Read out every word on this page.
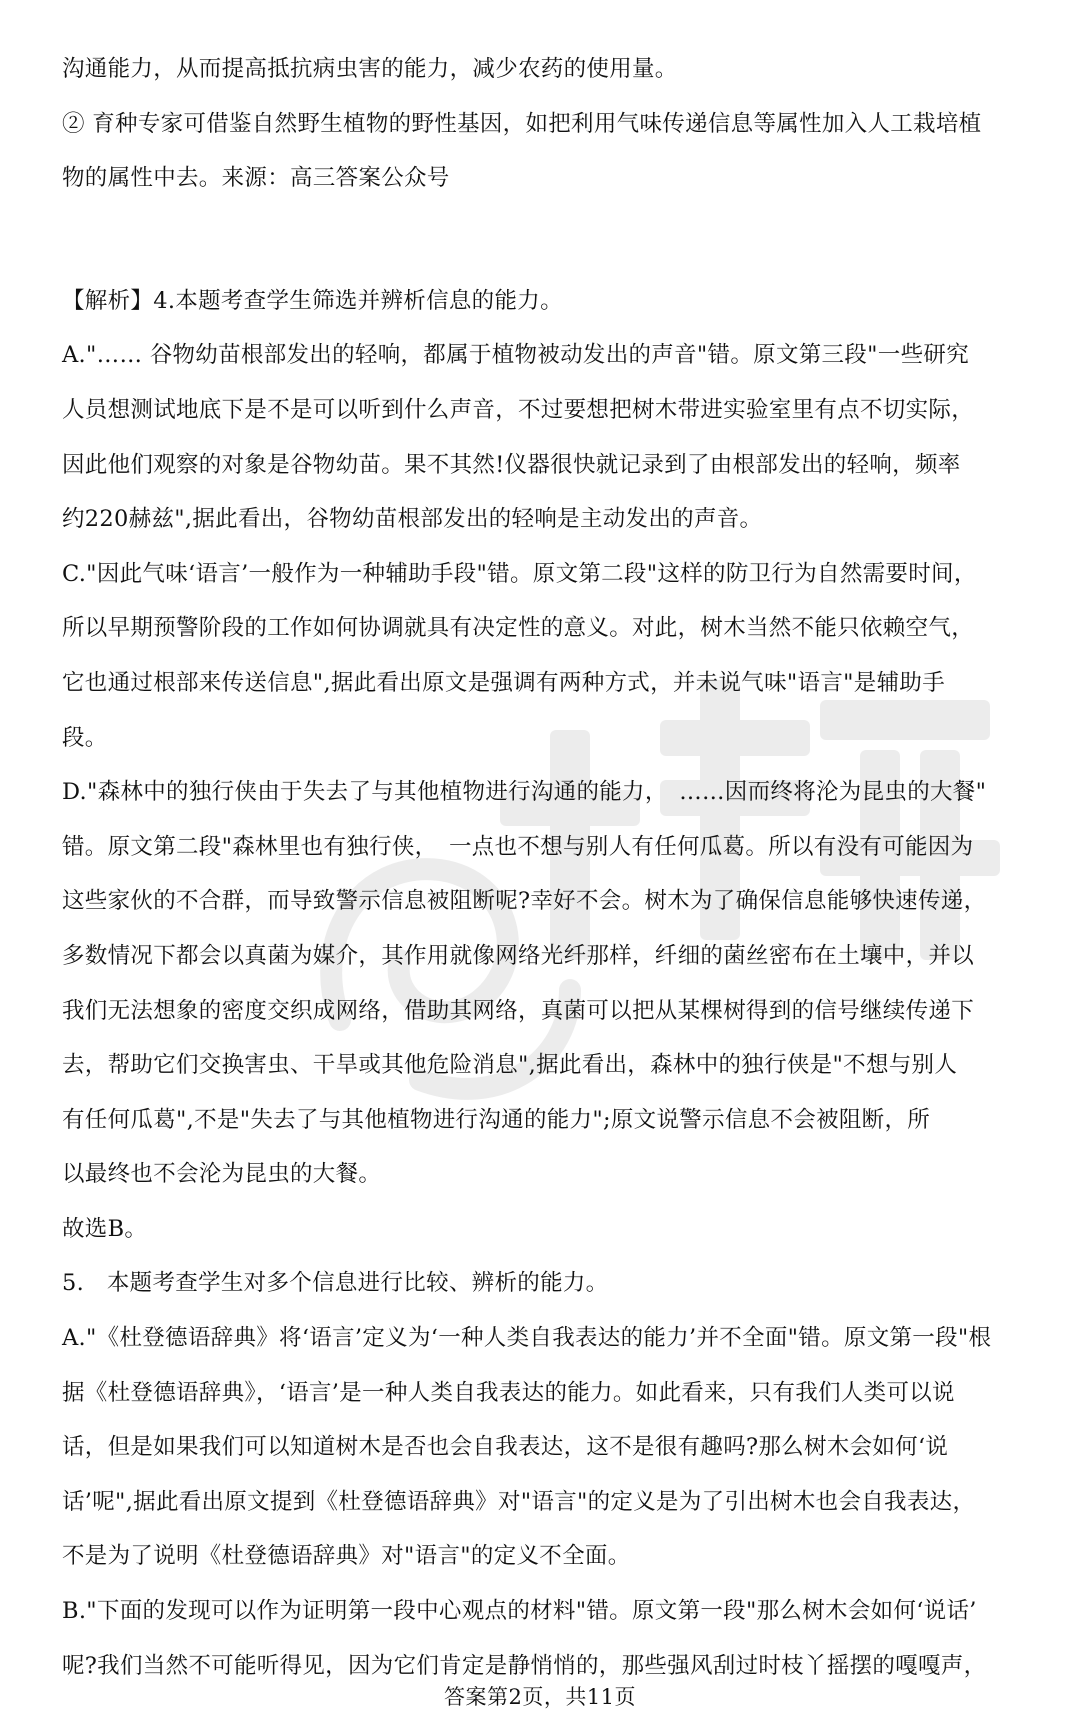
沟通能力，从而提高抵抗病虫害的能力，减少农药的使用量。
② 育种专家可借鉴自然野生植物的野性基因，如把利用气味传递信息等属性加入人工栽培植
物的属性中去。来源：高三答案公众号
【解析】4.本题考查学生筛选并辨析信息的能力。
A."…… 谷物幼苗根部发出的轻响，都属于植物被动发出的声音"错。原文第三段"一些研究
人员想测试地底下是不是可以听到什么声音，不过要想把树木带进实验室里有点不切实际，
因此他们观察的对象是谷物幼苗。果不其然!仪器很快就记录到了由根部发出的轻响，频率
约220赫兹",据此看出，谷物幼苗根部发出的轻响是主动发出的声音。
C."因此气味‘语言’一般作为一种辅助手段"错。原文第二段"这样的防卫行为自然需要时间，
所以早期预警阶段的工作如何协调就具有决定性的意义。对此，树木当然不能只依赖空气，
它也通过根部来传送信息",据此看出原文是强调有两种方式，并未说气味"语言"是辅助手
段。
D."森林中的独行侠由于失去了与其他植物进行沟通的能力，　……因而终将沦为昆虫的大餐"
错。原文第二段"森林里也有独行侠，　一点也不想与别人有任何瓜葛。所以有没有可能因为
这些家伙的不合群，而导致警示信息被阻断呢?幸好不会。树木为了确保信息能够快速传递，
多数情况下都会以真菌为媒介，其作用就像网络光纤那样，纤细的菌丝密布在土壤中，并以
我们无法想象的密度交织成网络，借助其网络，真菌可以把从某棵树得到的信号继续传递下
去，帮助它们交换害虫、干旱或其他危险消息",据此看出，森林中的独行侠是"不想与别人
有任何瓜葛",不是"失去了与其他植物进行沟通的能力";原文说警示信息不会被阻断，所
以最终也不会沦为昆虫的大餐。
故选B。
5.　本题考查学生对多个信息进行比较、辨析的能力。
A."《杜登德语辞典》将‘语言’定义为‘一种人类自我表达的能力’并不全面"错。原文第一段"根
据《杜登德语辞典》，‘语言’是一种人类自我表达的能力。如此看来，只有我们人类可以说
话，但是如果我们可以知道树木是否也会自我表达，这不是很有趣吗?那么树木会如何‘说
话’呢",据此看出原文提到《杜登德语辞典》对"语言"的定义是为了引出树木也会自我表达，
不是为了说明《杜登德语辞典》对"语言"的定义不全面。
B."下面的发现可以作为证明第一段中心观点的材料"错。原文第一段"那么树木会如何‘说话’
呢?我们当然不可能听得见，因为它们肯定是静悄悄的，那些强风刮过时枝丫摇摆的嘎嘎声，
答案第2页，共11页
